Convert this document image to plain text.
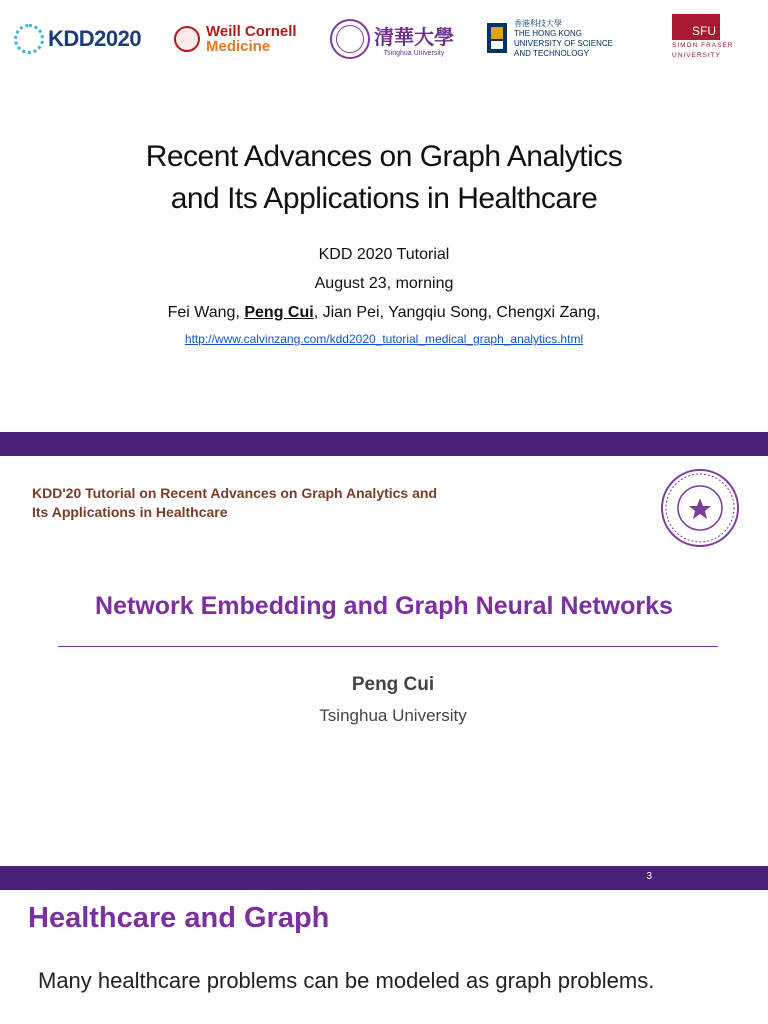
KDD2020	Weill Cornell
Medicine	清華大學
Tsinghua University
香港科技大學
THE HONG KONG
UNIVERSITY OF SCIENCE
AND TECHNOLOGY
SFU
SIMON FRASER
UNIVERSITY
Recent Advances on Graph Analytics
and Its Applications in Healthcare
KDD 2020 Tutorial
August 23, morning
Fei Wang, Peng Cui, Jian Pei, Yangqiu Song, Chengxi Zang,
http://www.calvinzang.com/kdd2020_tutorial_medical_graph_analytics.html
KDD'20 Tutorial on Recent Advances on Graph Analytics and
Its Applications in Healthcare
Network Embedding and Graph Neural Networks
Peng Cui
Tsinghua University
3
Healthcare and Graph
Many healthcare problems can be modeled as graph problems.
